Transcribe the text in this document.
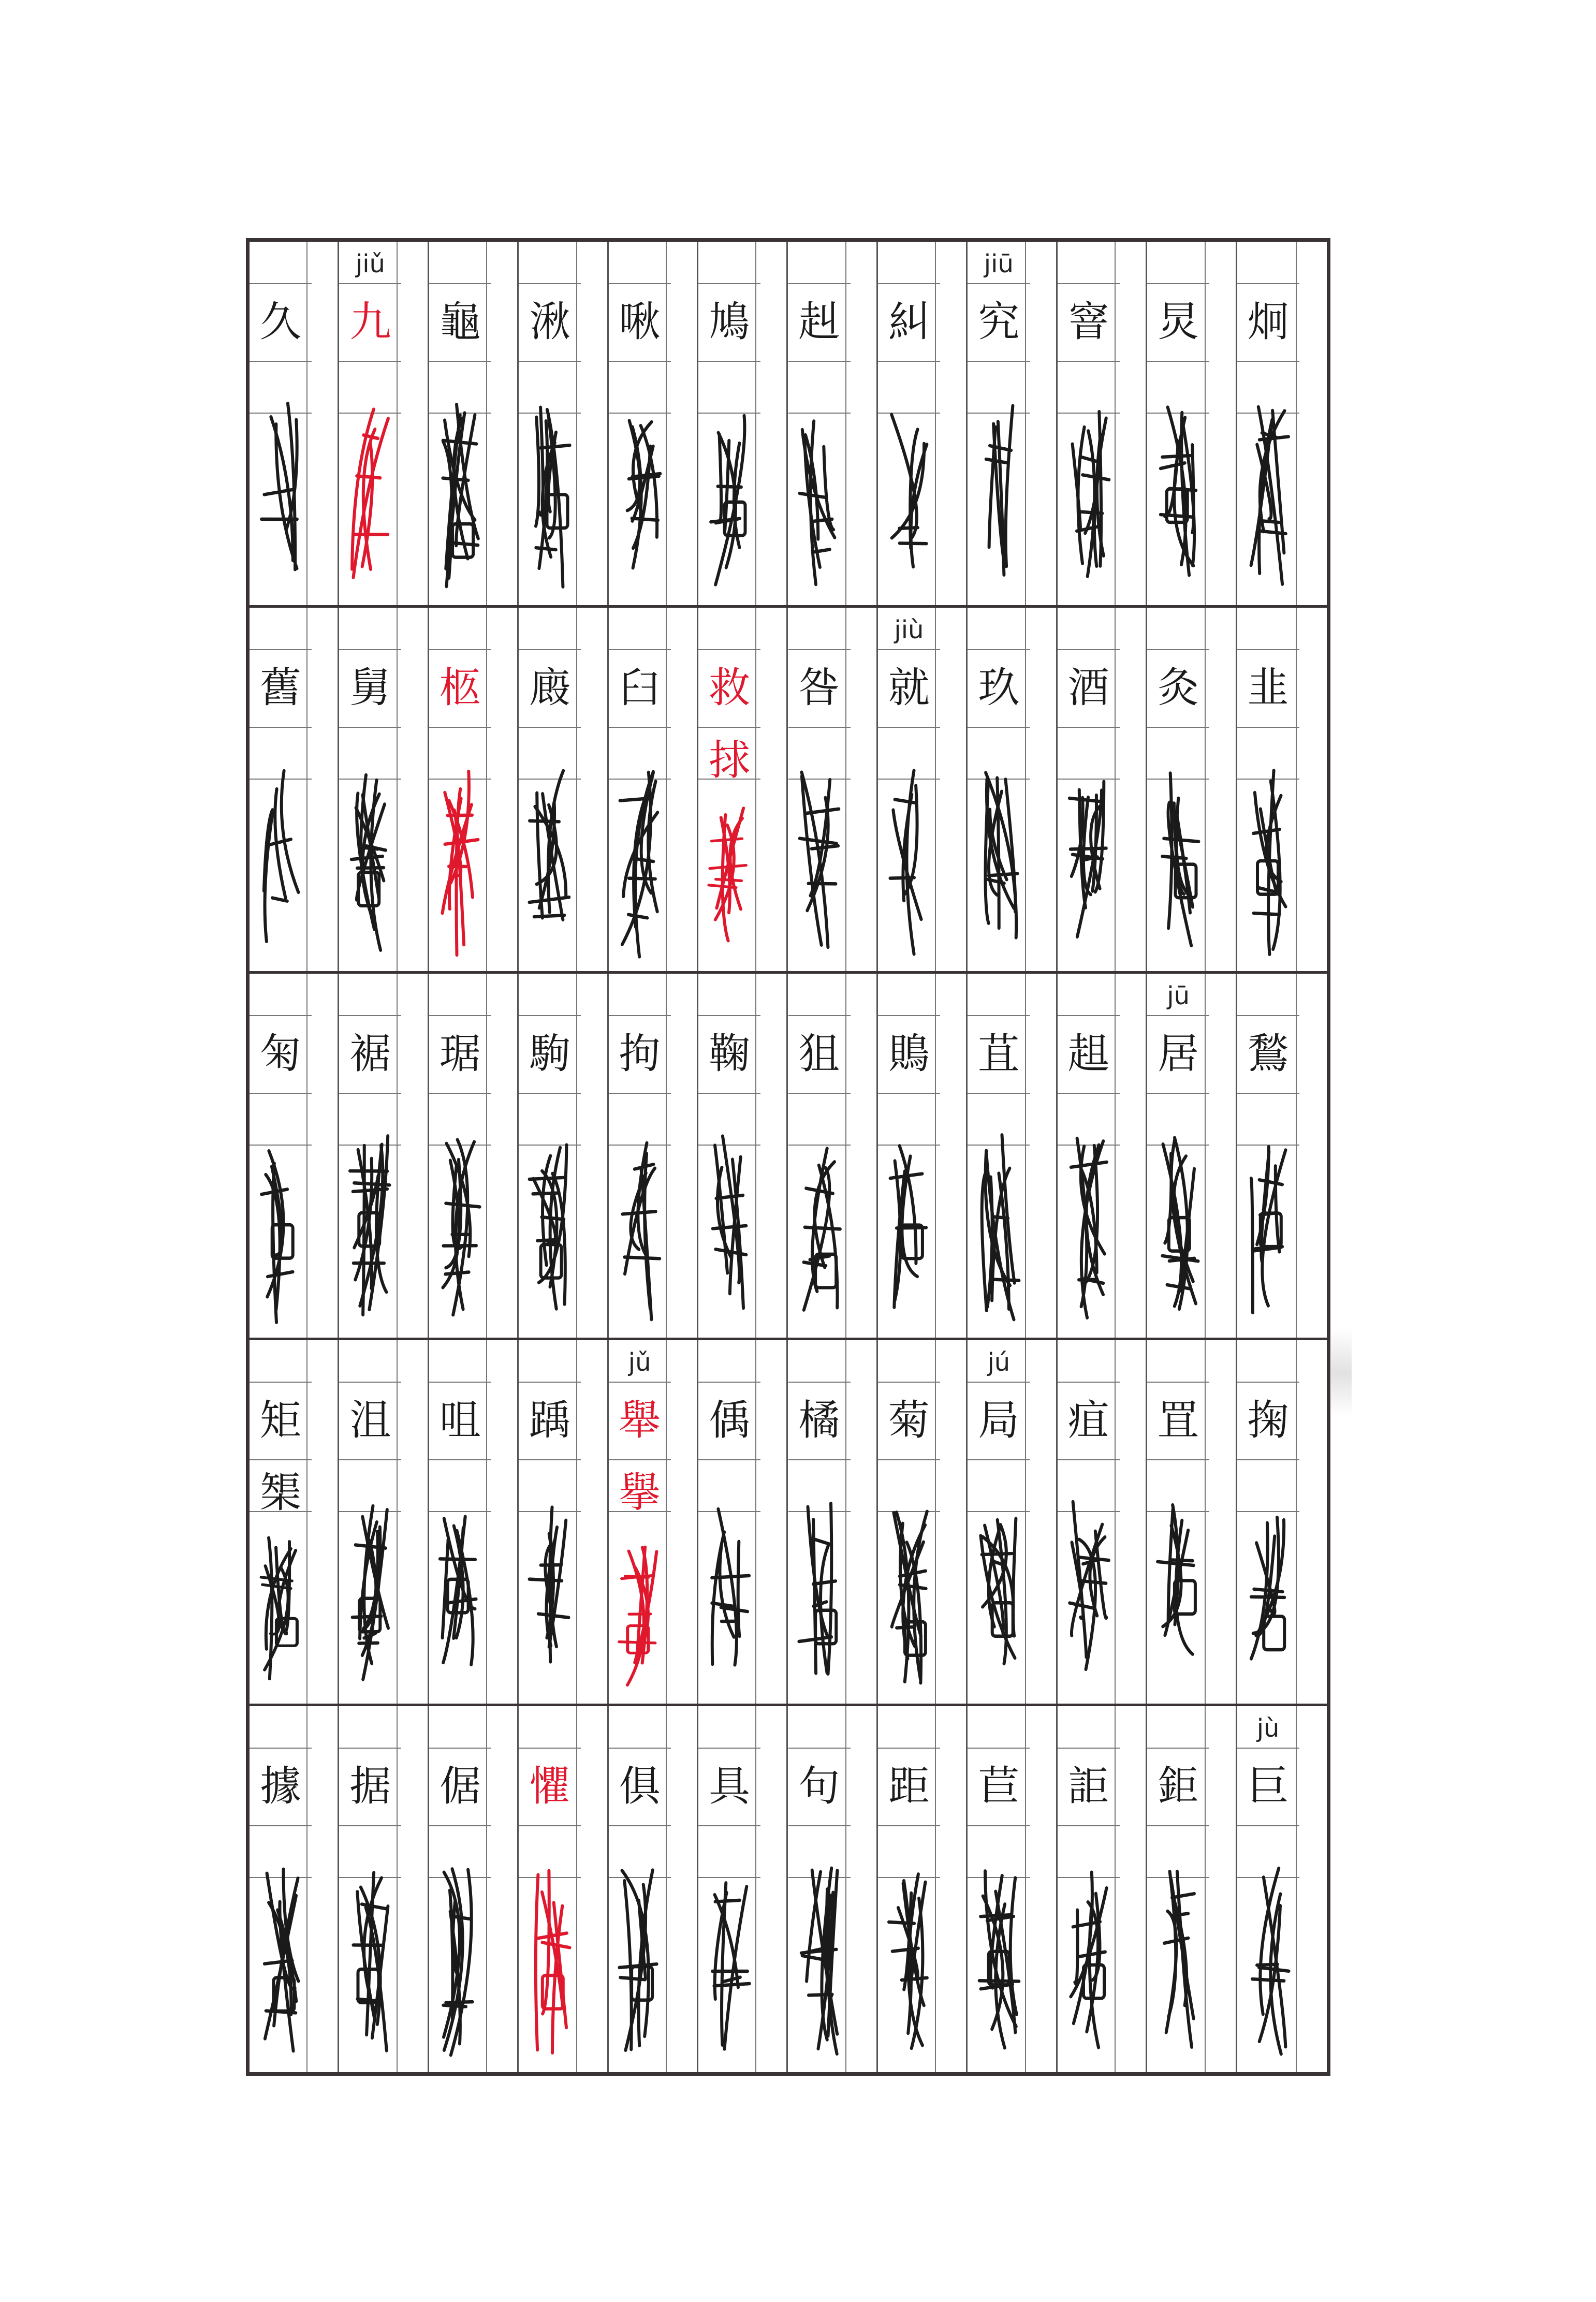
久
jiǔ
九 龜 湫 啾 鳩 赳 糾
jiū
究 窨 炅 炯
舊 舅 柩 廄 臼 救
捄
咎
jiù
就 玖 酒 灸 韭
匊 裾 琚 駒 拘 鞠 狙 鵙 苴 趄
jū
居 鶖
矩
榘
沮 咀 踽
jǔ
舉
擧
偊 橘 菊
jú
局 疽 罝 掬
據 据 倨 懼 俱 具 句 距 苣 詎 鉅
jù
巨
